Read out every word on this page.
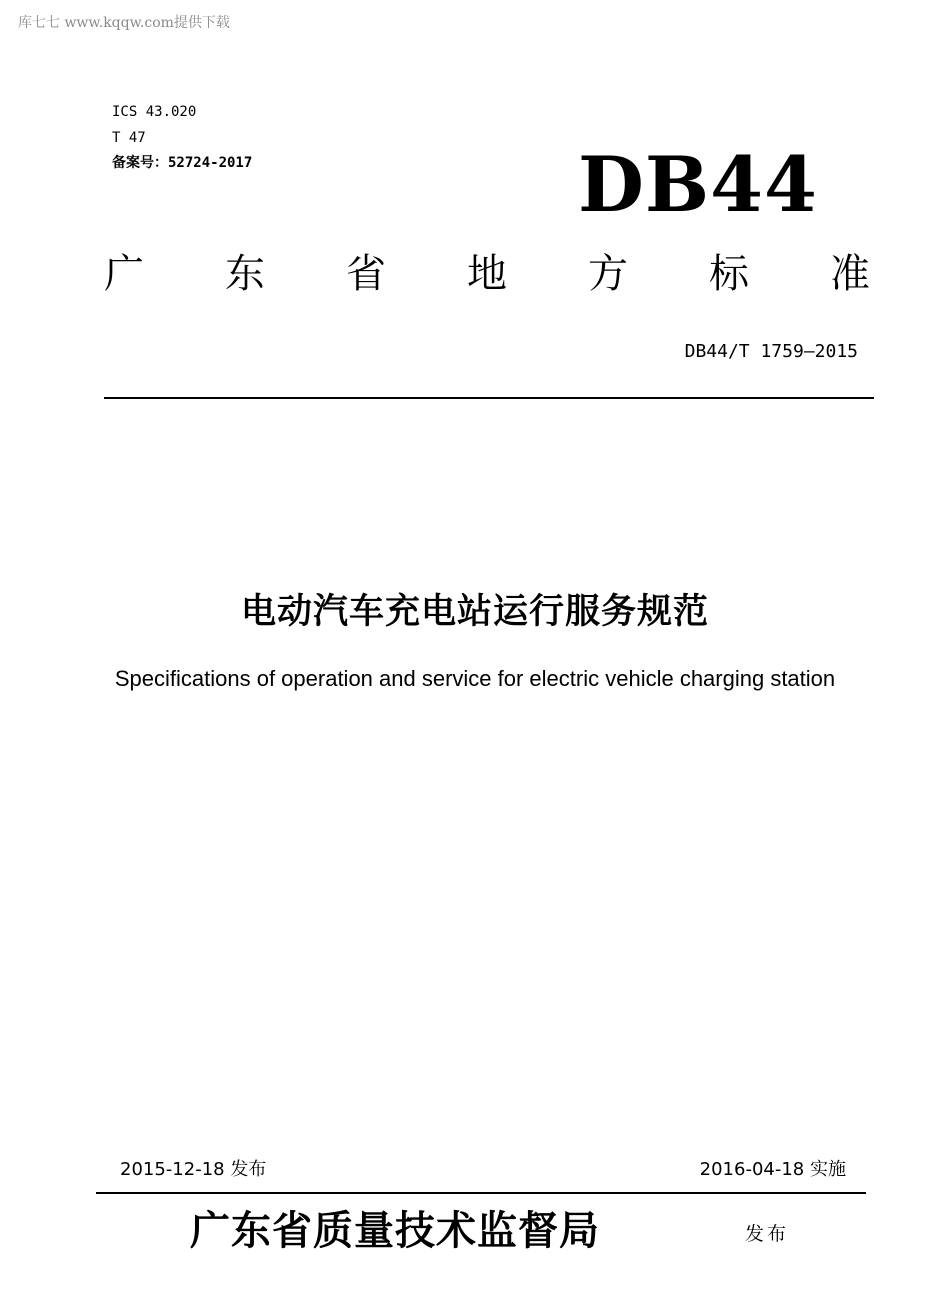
库七七 www.kqqw.com提供下载
ICS 43.020
T 47
备案号：52724-2017	DB44
广 东 省 地 方 标 准
DB44/T 1759—2015
电动汽车充电站运行服务规范
Specifications of operation and service for electric vehicle charging station
2015-12-18 发布	2016-04-18 实施
广东省质量技术监督局	发布
